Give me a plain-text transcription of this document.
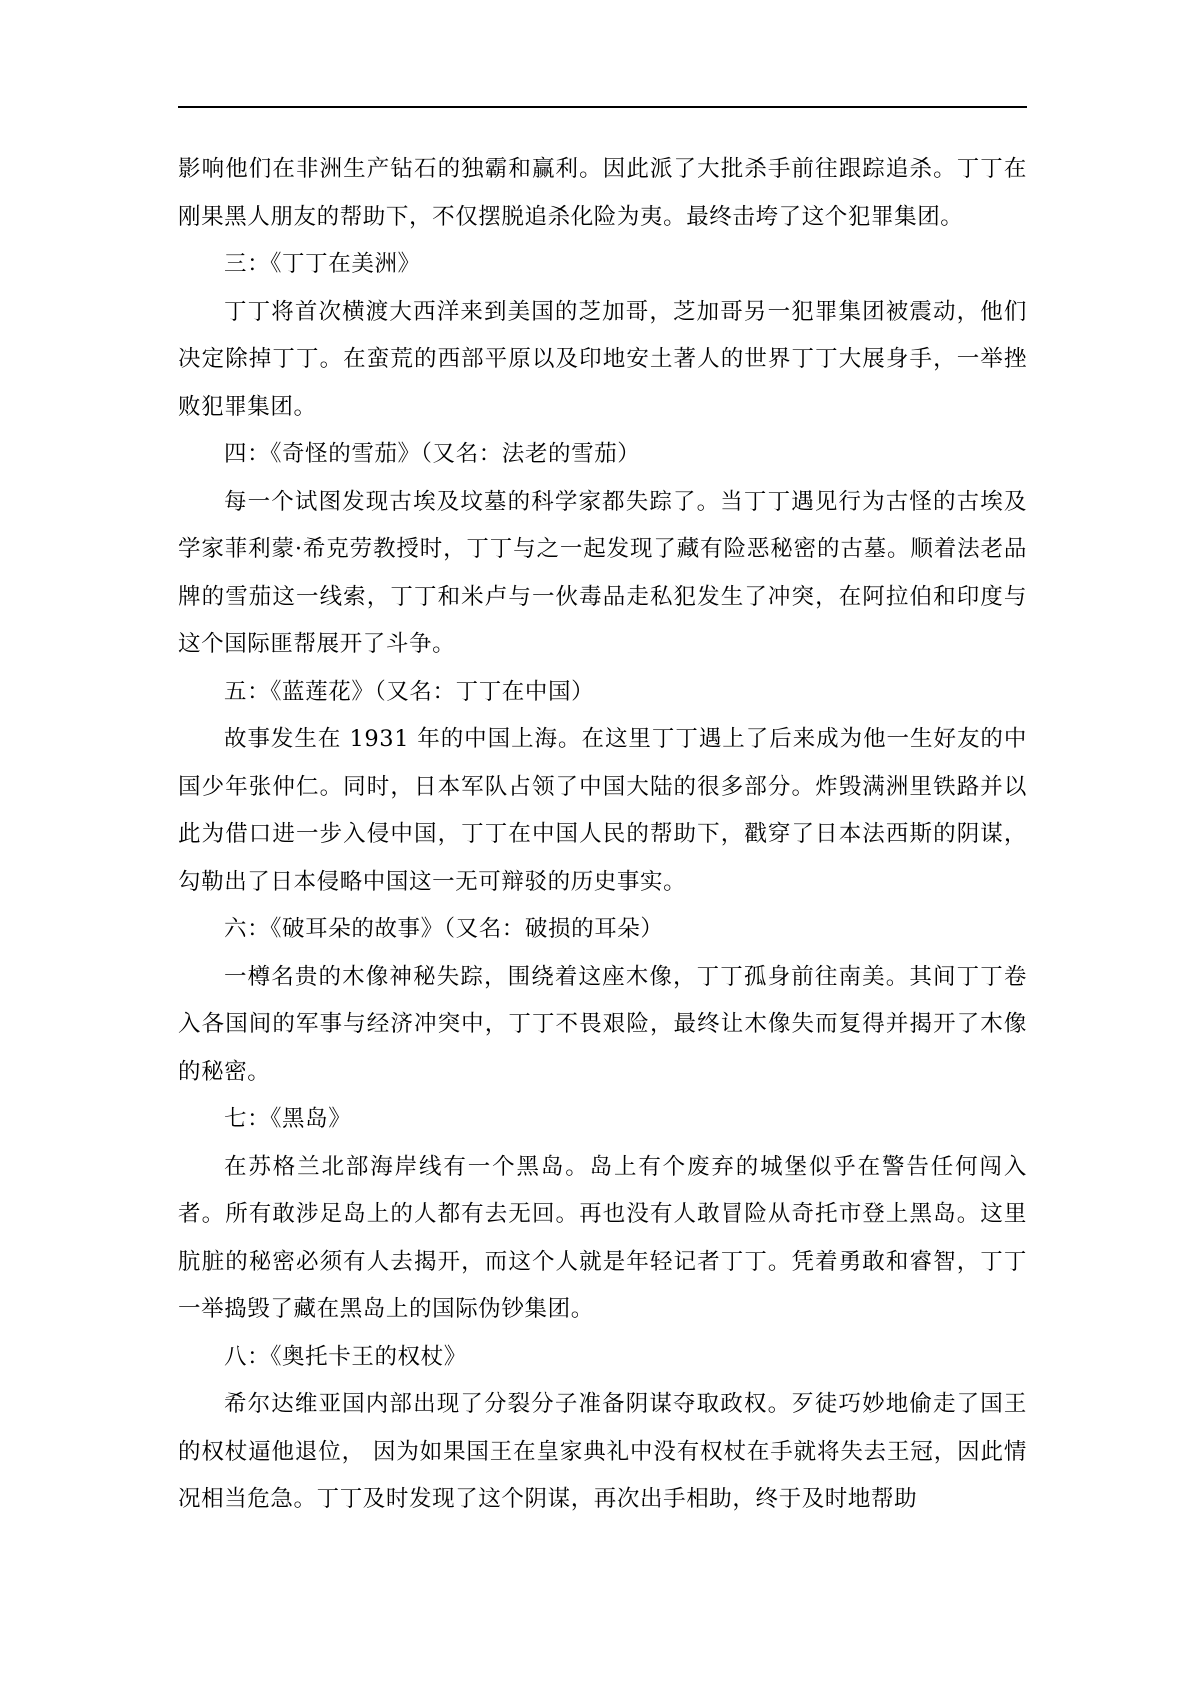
影响他们在非洲生产钻石的独霸和赢利。因此派了大批杀手前往跟踪追杀。丁丁在刚果黑人朋友的帮助下，不仅摆脱追杀化险为夷。最终击垮了这个犯罪集团。

三：《丁丁在美洲》

丁丁将首次横渡大西洋来到美国的芝加哥，芝加哥另一犯罪集团被震动，他们决定除掉丁丁。在蛮荒的西部平原以及印地安土著人的世界丁丁大展身手，一举挫败犯罪集团。

四：《奇怪的雪茄》（又名：法老的雪茄）

每一个试图发现古埃及坟墓的科学家都失踪了。当丁丁遇见行为古怪的古埃及学家菲利蒙·希克劳教授时，丁丁与之一起发现了藏有险恶秘密的古墓。顺着法老品牌的雪茄这一线索，丁丁和米卢与一伙毒品走私犯发生了冲突，在阿拉伯和印度与这个国际匪帮展开了斗争。

五：《蓝莲花》（又名：丁丁在中国）

故事发生在 1931 年的中国上海。在这里丁丁遇上了后来成为他一生好友的中国少年张仲仁。同时，日本军队占领了中国大陆的很多部分。炸毁满洲里铁路并以此为借口进一步入侵中国，丁丁在中国人民的帮助下，戳穿了日本法西斯的阴谋，勾勒出了日本侵略中国这一无可辩驳的历史事实。

六：《破耳朵的故事》（又名：破损的耳朵）

一樽名贵的木像神秘失踪，围绕着这座木像，丁丁孤身前往南美。其间丁丁卷入各国间的军事与经济冲突中，丁丁不畏艰险，最终让木像失而复得并揭开了木像的秘密。

七：《黑岛》

在苏格兰北部海岸线有一个黑岛。岛上有个废弃的城堡似乎在警告任何闯入者。所有敢涉足岛上的人都有去无回。再也没有人敢冒险从奇托市登上黑岛。这里肮脏的秘密必须有人去揭开，而这个人就是年轻记者丁丁。凭着勇敢和睿智，丁丁一举捣毁了藏在黑岛上的国际伪钞集团。

八：《奥托卡王的权杖》

希尔达维亚国内部出现了分裂分子准备阴谋夺取政权。歹徒巧妙地偷走了国王的权杖逼他退位， 因为如果国王在皇家典礼中没有权杖在手就将失去王冠，因此情况相当危急。丁丁及时发现了这个阴谋，再次出手相助，终于及时地帮助
